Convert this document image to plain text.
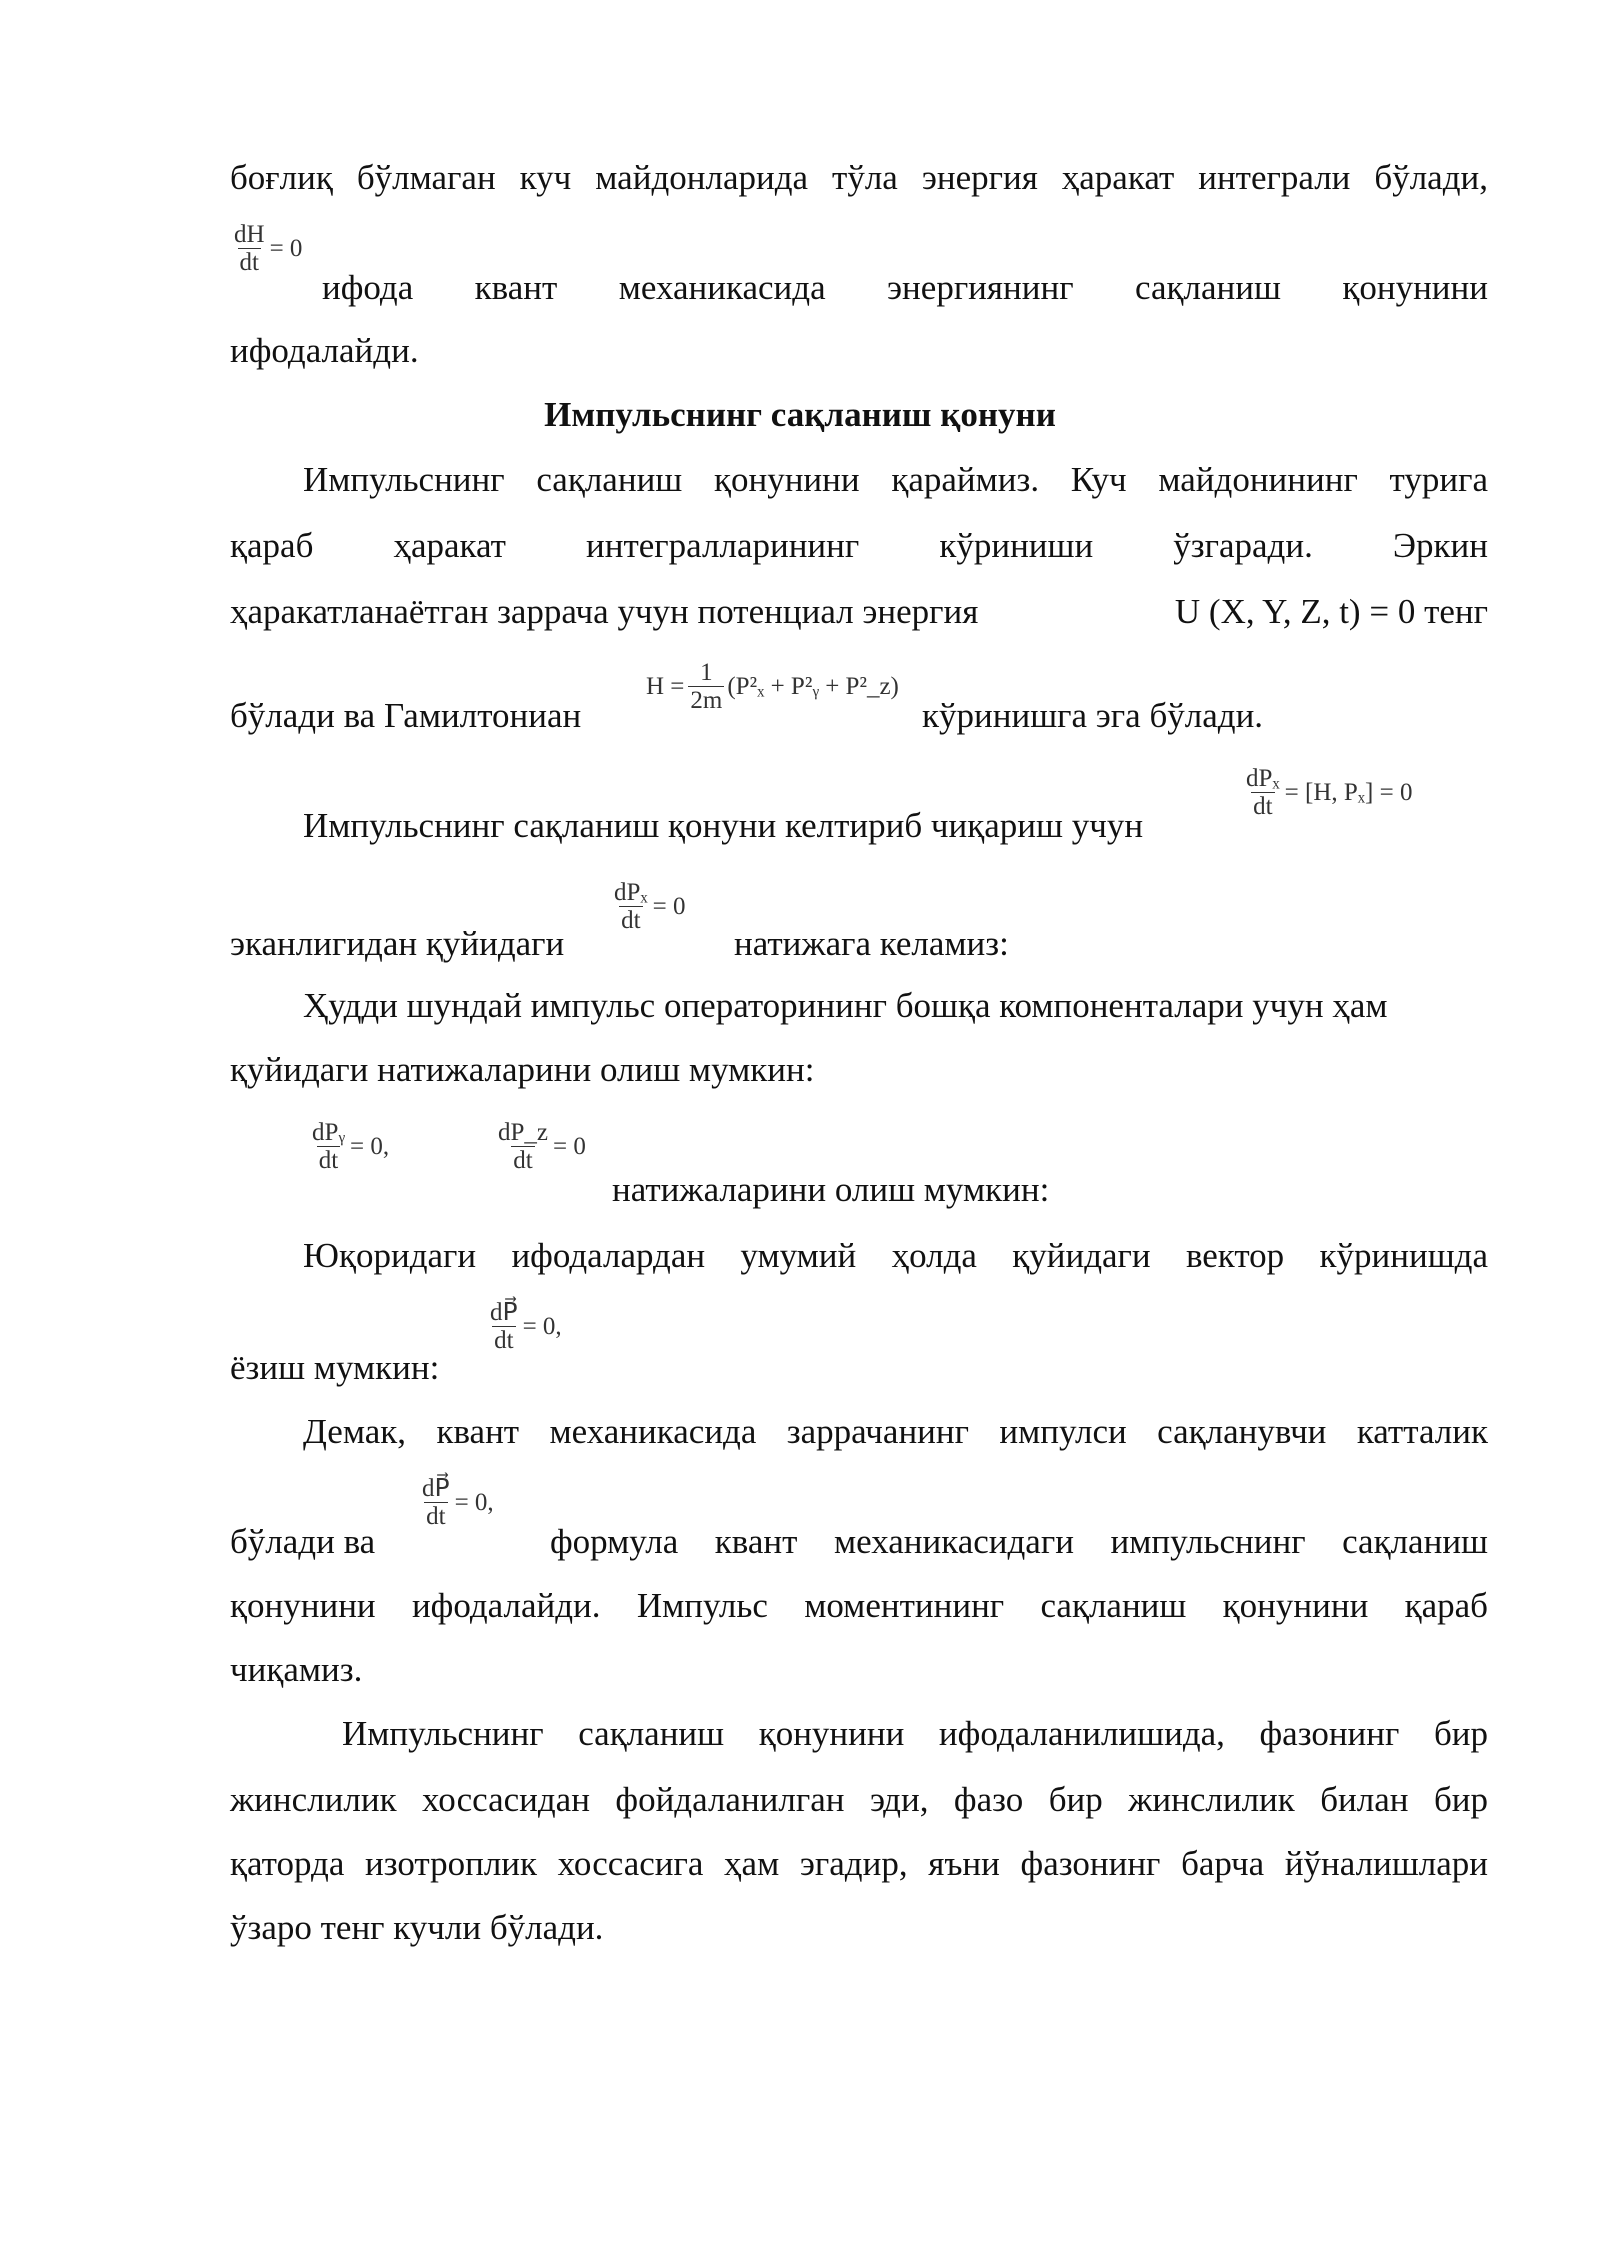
боғлиқ бўлмаган куч майдонларида тўла энергия ҳаракат интеграли бўлади,
$\frac{dH}{dt} = 0$
ифода квант механикасида энергиянинг сақланиш қонунини
ифодалайди.
Импульснинг сақланиш қонуни
Импульснинг сақланиш қонунини қараймиз. Куч майдонининг турига
қараб ҳаракат интегралларининг кўриниши ўзгаради. Эркин
ҳаракатланаётган заррача учун потенциал энергия	U (X, Y, Z, t) = 0 тенг
бўлади ва Гамилтониан
$H = \frac{1}{2m} (P^2_x$ + P²ᵧ + P²_z)
кўринишга эга бўлади.
$\frac{\text{dPₓ}}{dt} = [H$, Pₓ] = 0
Импульснинг сақланиш қонуни келтириб чиқариш учун
$\frac{\text{dPₓ}}{dt} = 0$
эканлигидан қуйидаги	натижага келамиз:
Ҳудди шундай импульс операторининг бошқа компоненталари учун ҳам
қуйидаги натижаларини олиш мумкин:
$\frac{\text{dPᵧ}}{dt} = 0$,	$\frac{dP\_z}{dt} = 0$
натижаларини олиш мумкин:
Юқоридаги ифодалардан умумий ҳолда қуйидаги вектор кўринишда
$\frac{dP⃗}{dt} = 0$,
ёзиш мумкин:
Демак, квант механикасида заррачанинг импулси сақланувчи катталик
$\frac{dP⃗}{dt} = 0$,
бўлади ва	формула квант механикасидаги импульснинг сақланиш
қонунини ифодалайди. Импульс моментининг сақланиш қонунини қараб
чиқамиз.
Импульснинг сақланиш қонунини ифодаланилишида, фазонинг бир
жинслилик хоссасидан фойдаланилган эди, фазо бир жинслилик билан бир
қаторда изотроплик хоссасига ҳам эгадир, яъни фазонинг барча йўналишлари
ўзаро тенг кучли бўлади.
